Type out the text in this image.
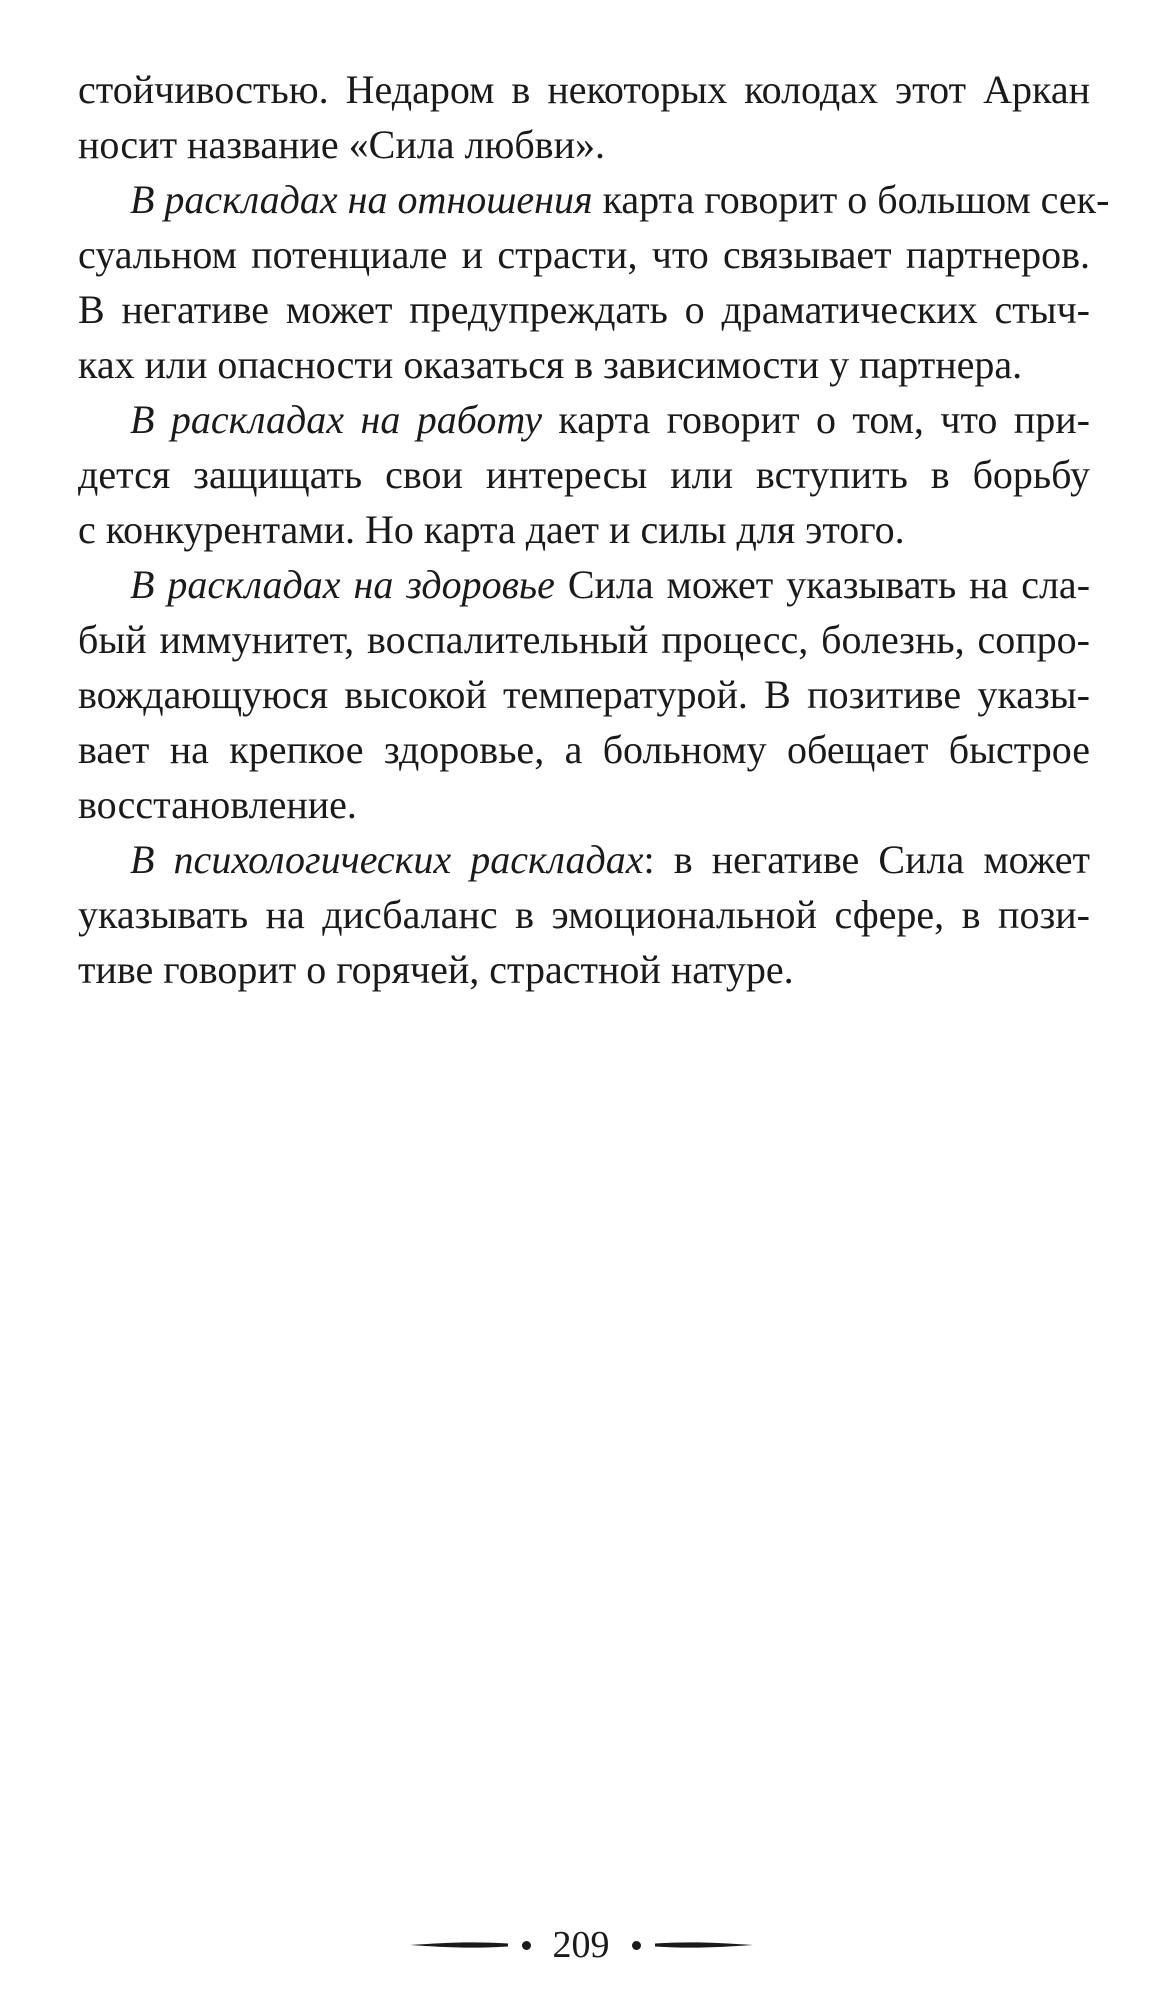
стойчивостью. Недаром в некоторых колодах этот Аркан
носит название «Сила любви».
В раскладах на отношения карта говорит о большом сек-
суальном потенциале и страсти, что связывает партнеров.
В негативе может предупреждать о драматических стыч-
ках или опасности оказаться в зависимости у партнера.
В раскладах на работу карта говорит о том, что при-
дется защищать свои интересы или вступить в борьбу
с конкурентами. Но карта дает и силы для этого.
В раскладах на здоровье Сила может указывать на сла-
бый иммунитет, воспалительный процесс, болезнь, сопро-
вождающуюся высокой температурой. В позитиве указы-
вает на крепкое здоровье, а больному обещает быстрое
восстановление.
В психологических раскладах: в негативе Сила может
указывать на дисбаланс в эмоциональной сфере, в пози-
тиве говорит о горячей, страстной натуре.
209
